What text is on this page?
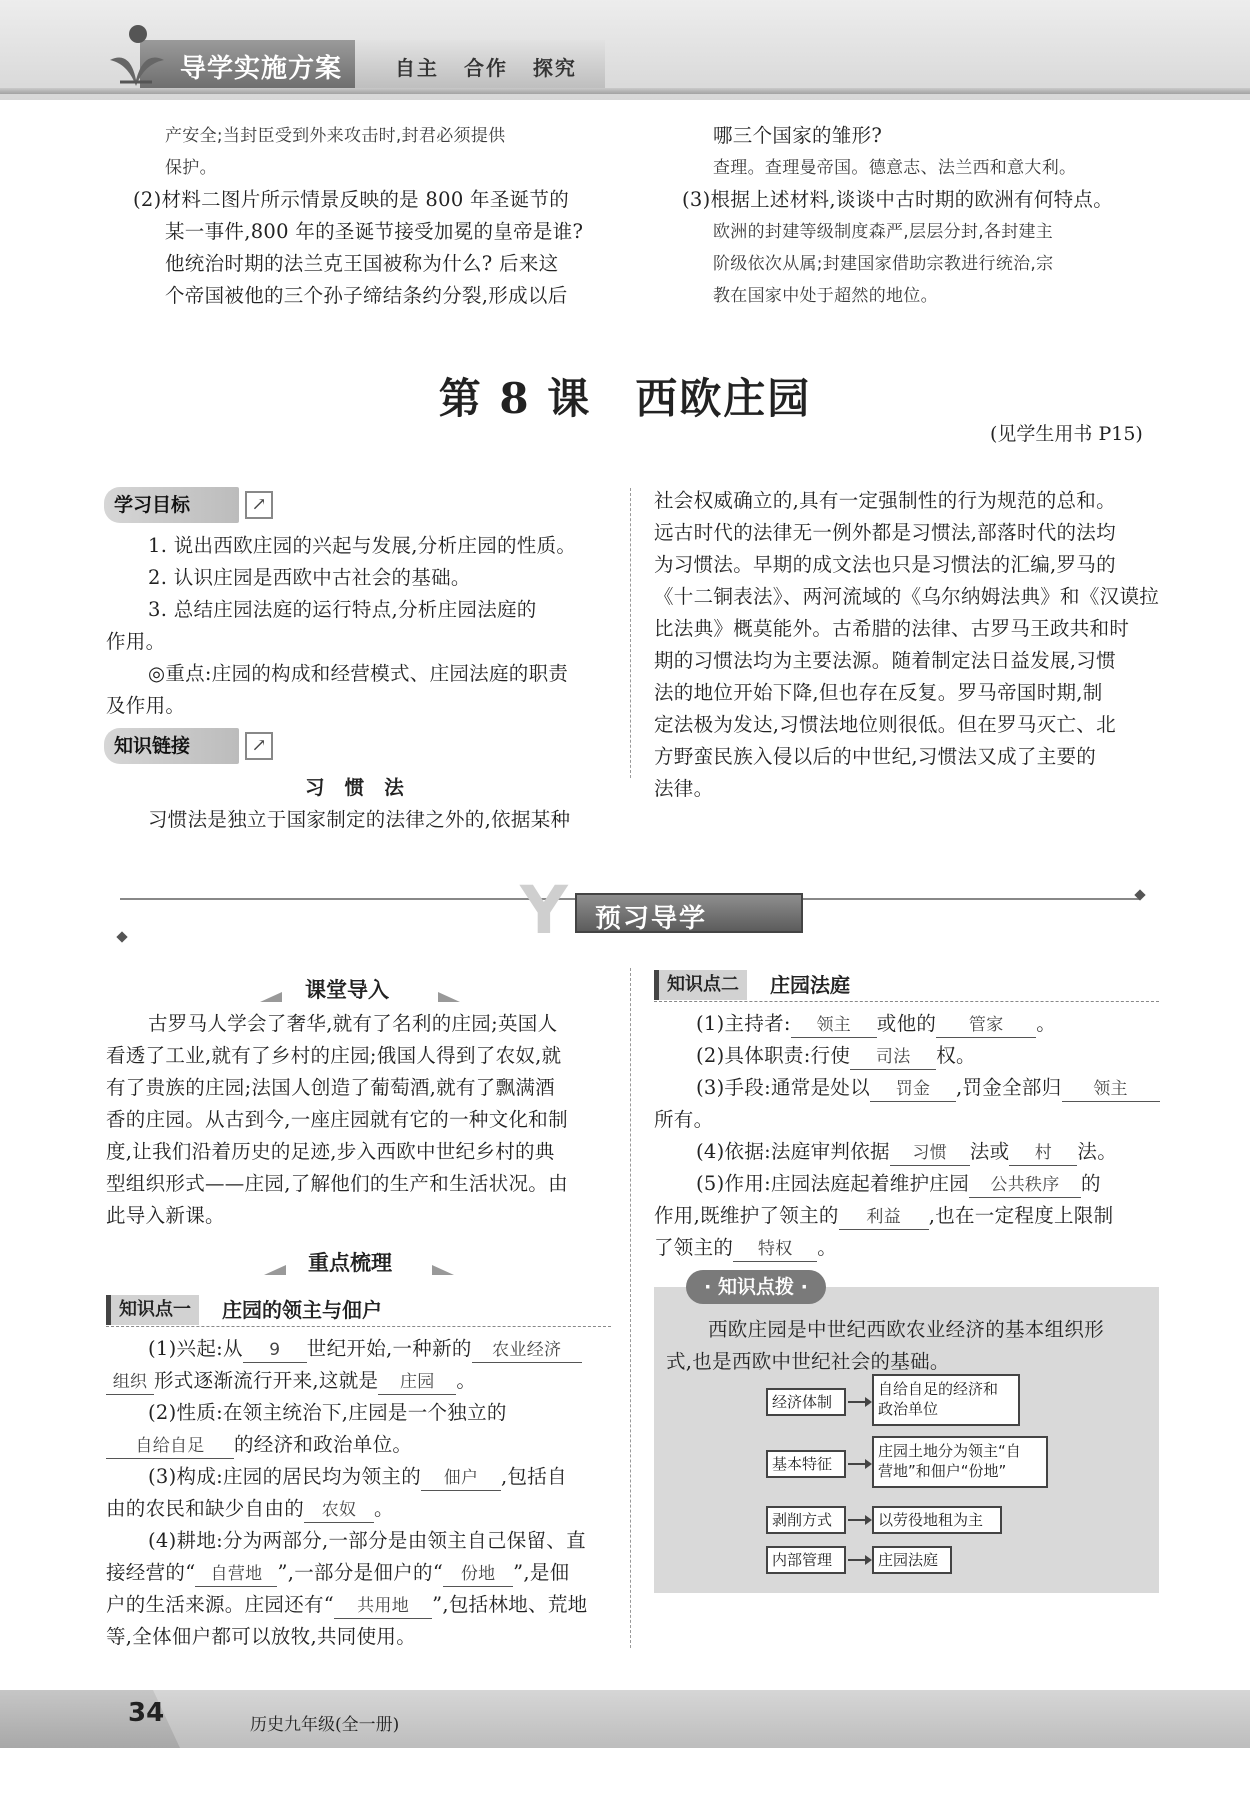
导学实施方案	自主 合作 探究
产安全;当封臣受到外来攻击时,封君必须提供
保护。
(2)材料二图片所示情景反映的是 800 年圣诞节的
某一事件,800 年的圣诞节接受加冕的皇帝是谁?
他统治时期的法兰克王国被称为什么? 后来这
个帝国被他的三个孙子缔结条约分裂,形成以后
哪三个国家的雏形?
查理。查理曼帝国。德意志、法兰西和意大利。
(3)根据上述材料,谈谈中古时期的欧洲有何特点。
欧洲的封建等级制度森严,层层分封,各封建主
阶级依次从属;封建国家借助宗教进行统治,宗
教在国家中处于超然的地位。
第 8 课　西欧庄园
(见学生用书 P15)
学习目标	↗
1. 说出西欧庄园的兴起与发展,分析庄园的性质。
2. 认识庄园是西欧中古社会的基础。
3. 总结庄园法庭的运行特点,分析庄园法庭的
作用。
◎重点:庄园的构成和经营模式、庄园法庭的职责
及作用。
知识链接	↗
习　惯　法
习惯法是独立于国家制定的法律之外的,依据某种
社会权威确立的,具有一定强制性的行为规范的总和。
远古时代的法律无一例外都是习惯法,部落时代的法均
为习惯法。早期的成文法也只是习惯法的汇编,罗马的
《十二铜表法》、两河流域的《乌尔纳姆法典》和《汉谟拉
比法典》概莫能外。古希腊的法律、古罗马王政共和时
期的习惯法均为主要法源。随着制定法日益发展,习惯
法的地位开始下降,但也存在反复。罗马帝国时期,制
定法极为发达,习惯法地位则很低。但在罗马灭亡、北
方野蛮民族入侵以后的中世纪,习惯法又成了主要的
法律。
Y 预习导学
课堂导入
古罗马人学会了奢华,就有了名利的庄园;英国人
看透了工业,就有了乡村的庄园;俄国人得到了农奴,就
有了贵族的庄园;法国人创造了葡萄酒,就有了飘满酒
香的庄园。从古到今,一座庄园就有它的一种文化和制
度,让我们沿着历史的足迹,步入西欧中世纪乡村的典
型组织形式——庄园,了解他们的生产和生活状况。由
此导入新课。
重点梳理
知识点一	庄园的领主与佃户
(1)兴起:从 9 世纪开始,一种新的 农业经济
组织 形式逐渐流行开来,这就是 庄园 。
(2)性质:在领主统治下,庄园是一个独立的
自给自足 的经济和政治单位。
(3)构成:庄园的居民均为领主的 佃户 ,包括自
由的农民和缺少自由的 农奴 。
(4)耕地:分为两部分,一部分是由领主自己保留、直
接经营的“ 自营地 ”,一部分是佃户的“ 份地 ”,是佃
户的生活来源。庄园还有“ 共用地 ”,包括林地、荒地
等,全体佃户都可以放牧,共同使用。
知识点二	庄园法庭
(1)主持者: 领主 或他的 管家 。
(2)具体职责:行使 司法 权。
(3)手段:通常是处以 罚金 ,罚金全部归 领主
所有。
(4)依据:法庭审判依据 习惯 法或 村 法。
(5)作用:庄园法庭起着维护庄园 公共秩序 的
作用,既维护了领主的 利益 ,也在一定程度上限制
了领主的 特权 。
· 知识点拨 ·
西欧庄园是中世纪西欧农业经济的基本组织形
式,也是西欧中世纪社会的基础。
经济体制
自给自足的经济和
政治单位
基本特征
庄园土地分为领主“自
营地”和佃户“份地”
剥削方式	以劳役地租为主
内部管理	庄园法庭
34	历史九年级(全一册)
